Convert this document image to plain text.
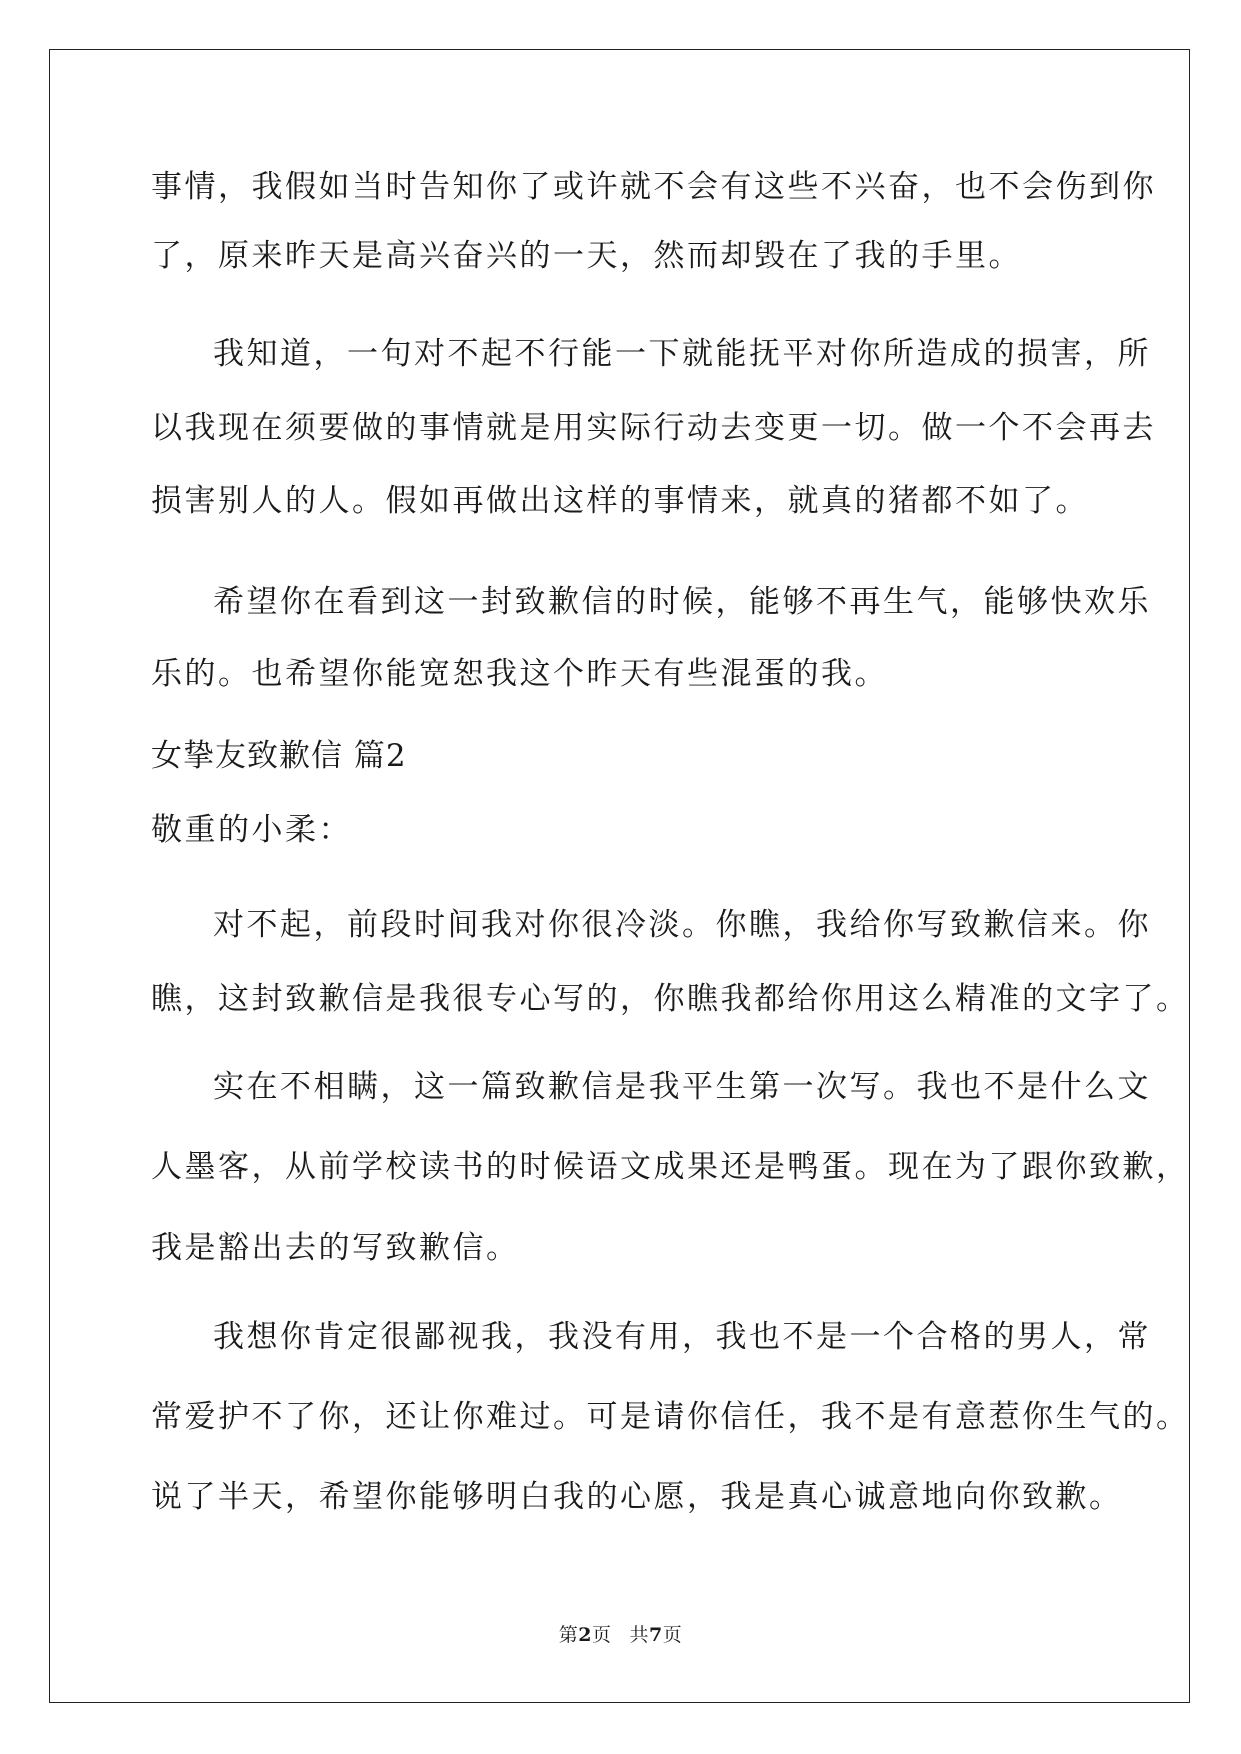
事情，我假如当时告知你了或许就不会有这些不兴奋，也不会伤到你
了，原来昨天是高兴奋兴的一天，然而却毁在了我的手里。
我知道，一句对不起不行能一下就能抚平对你所造成的损害，所
以我现在须要做的事情就是用实际行动去变更一切。做一个不会再去
损害别人的人。假如再做出这样的事情来，就真的猪都不如了。
希望你在看到这一封致歉信的时候，能够不再生气，能够快欢乐
乐的。也希望你能宽恕我这个昨天有些混蛋的我。
女挚友致歉信 篇2
敬重的小柔：
对不起，前段时间我对你很冷淡。你瞧，我给你写致歉信来。你
瞧，这封致歉信是我很专心写的，你瞧我都给你用这么精准的文字了。
实在不相瞒，这一篇致歉信是我平生第一次写。我也不是什么文
人墨客，从前学校读书的时候语文成果还是鸭蛋。现在为了跟你致歉，
我是豁出去的写致歉信。
我想你肯定很鄙视我，我没有用，我也不是一个合格的男人，常
常爱护不了你，还让你难过。可是请你信任，我不是有意惹你生气的。
说了半天，希望你能够明白我的心愿，我是真心诚意地向你致歉。
第2页 共7页
